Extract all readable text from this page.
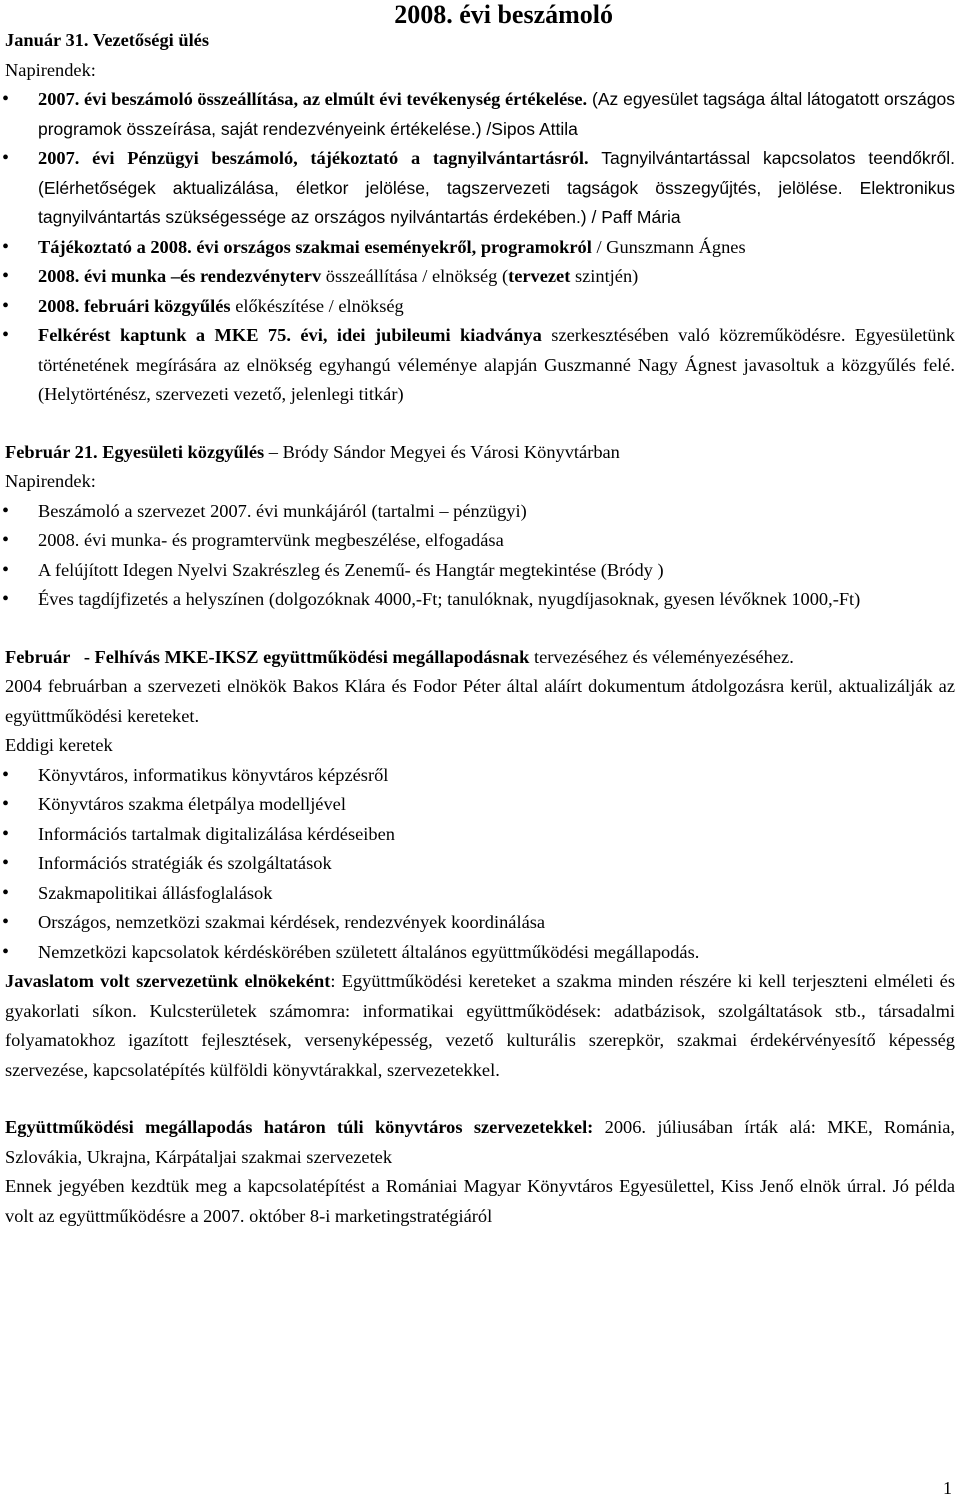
2008. évi beszámoló

Január 31. Vezetőségi ülés

Napirendek:

• 2007. évi beszámoló összeállítása, az elmúlt évi tevékenység értékelése. (Az egyesület tagsága által látogatott országos programok összeírása, saját rendezvényeink értékelése.) /Sipos Attila
• 2007. évi Pénzügyi beszámoló, tájékoztató a tagnyilvántartásról. Tagnyilvántartással kapcsolatos teendőkről. (Elérhetőségek aktualizálása, életkor jelölése, tagszervezeti tagságok összegyűjtés, jelölése. Elektronikus tagnyilvántartás szükségessége az országos nyilvántartás érdekében.) / Paff Mária
• Tájékoztató a 2008. évi országos szakmai eseményekről, programokról / Gunszmann Ágnes
• 2008. évi munka –és rendezvényterv összeállítása / elnökség (tervezet szintjén)
• 2008. februári közgyűlés előkészítése / elnökség
• Felkérést kaptunk a MKE 75. évi, idei jubileumi kiadványa szerkesztésében való közreműködésre. Egyesületünk történetének megírására az elnökség egyhangú véleménye alapján Guszmanné Nagy Ágnest javasoltuk a közgyűlés felé. (Helytörténész, szervezeti vezető, jelenlegi titkár)

Február 21. Egyesületi közgyűlés – Bródy Sándor Megyei és Városi Könyvtárban

Napirendek:

• Beszámoló a szervezet 2007. évi munkájáról (tartalmi – pénzügyi)
• 2008. évi munka- és programtervünk megbeszélése, elfogadása
• A felújított Idegen Nyelvi Szakrészleg és Zenemű- és Hangtár megtekintése (Bródy )
• Éves tagdíjfizetés a helyszínen (dolgozóknak 4000,-Ft; tanulóknak, nyugdíjasoknak, gyesen lévőknek 1000,-Ft)

Február   - Felhívás MKE-IKSZ együttműködési megállapodásnak tervezéséhez és véleményezéséhez.

2004 februárban a szervezeti elnökök Bakos Klára és Fodor Péter által aláírt dokumentum átdolgozásra kerül, aktualizálják az együttműködési kereteket.

Eddigi keretek

• Könyvtáros, informatikus könyvtáros képzésről
• Könyvtáros szakma életpálya modelljével
• Információs tartalmak digitalizálása kérdéseiben
• Információs stratégiák és szolgáltatások
• Szakmapolitikai állásfoglalások
• Országos, nemzetközi szakmai kérdések, rendezvények koordinálása
• Nemzetközi kapcsolatok kérdéskörében született általános együttműködési megállapodás.

Javaslatom volt szervezetünk elnökeként: Együttműködési kereteket a szakma minden részére ki kell terjeszteni elméleti és gyakorlati síkon. Kulcsterületek számomra: informatikai együttműködések: adatbázisok, szolgáltatások stb., társadalmi folyamatokhoz igazított fejlesztések, versenyképesség, vezető kulturális szerepkör, szakmai érdekérvényesítő képesség szervezése, kapcsolatépítés külföldi könyvtárakkal, szervezetekkel.

Együttműködési megállapodás határon túli könyvtáros szervezetekkel: 2006. júliusában írták alá: MKE, Románia, Szlovákia, Ukrajna, Kárpátaljai szakmai szervezetek

Ennek jegyében kezdtük meg a kapcsolatépítést a Romániai Magyar Könyvtáros Egyesülettel, Kiss Jenő elnök úrral. Jó példa volt az együttműködésre a 2007. október 8-i marketingstratégiáról

1
